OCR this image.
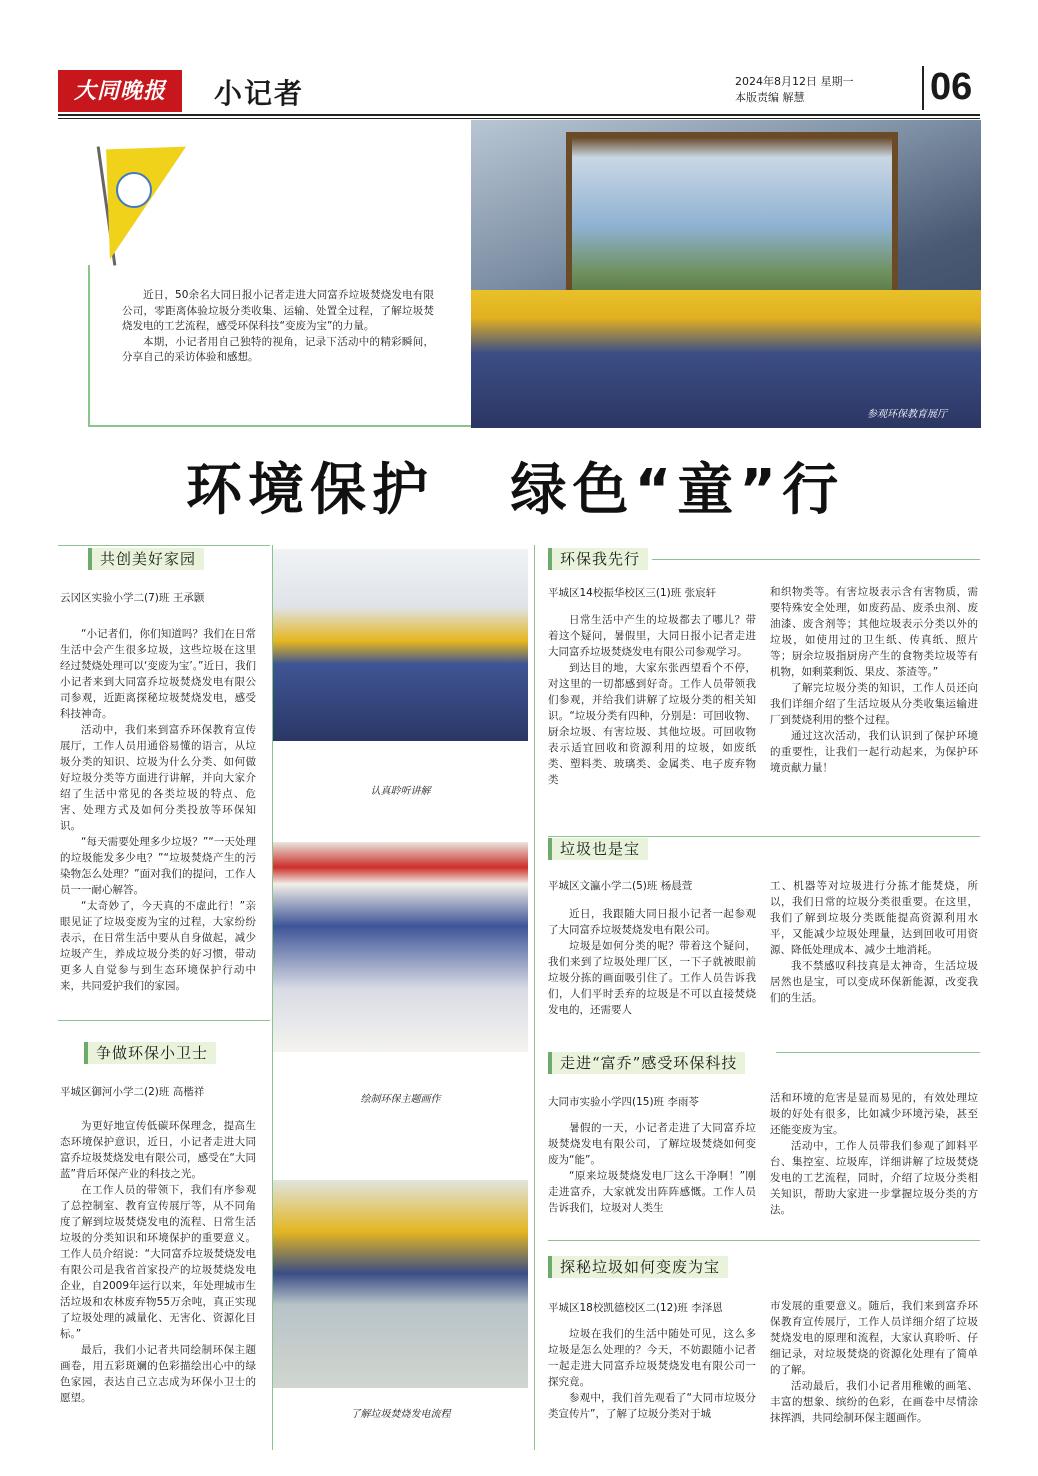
大同晚报	小记者	2024年8月12日 星期一
本版责编 解慧	06

近日，50余名大同日报小记者走进大同富乔垃圾焚烧发电有限公司，零距离体验垃圾分类收集、运输、处置全过程，了解垃圾焚烧发电的工艺流程，感受环保科技“变废为宝”的力量。

本期，小记者用自己独特的视角，记录下活动中的精彩瞬间，分享自己的采访体验和感想。

参观环保教育展厅
环境保护   绿色“童”行
共创美好家园
云冈区实验小学二(7)班 王承颢

“小记者们，你们知道吗？我们在日常生活中会产生很多垃圾，这些垃圾在这里经过焚烧处理可以‘变废为宝’。”近日，我们小记者来到大同富乔垃圾焚烧发电有限公司参观，近距离探秘垃圾焚烧发电，感受科技神奇。

活动中，我们来到富乔环保教育宣传展厅，工作人员用通俗易懂的语言，从垃圾分类的知识、垃圾为什么分类、如何做好垃圾分类等方面进行讲解，并向大家介绍了生活中常见的各类垃圾的特点、危害、处理方式及如何分类投放等环保知识。

“每天需要处理多少垃圾？”“一天处理的垃圾能发多少电？”“垃圾焚烧产生的污染物怎么处理？”面对我们的提问，工作人员一一耐心解答。

“太奇妙了，今天真的不虚此行！”亲眼见证了垃圾变废为宝的过程，大家纷纷表示，在日常生活中要从自身做起，减少垃圾产生，养成垃圾分类的好习惯，带动更多人自觉参与到生态环境保护行动中来，共同爱护我们的家园。

争做环保小卫士
平城区御河小学二(2)班 高楷祥

为更好地宣传低碳环保理念，提高生态环境保护意识，近日，小记者走进大同富乔垃圾焚烧发电有限公司，感受在“大同蓝”背后环保产业的科技之光。

在工作人员的带领下，我们有序参观了总控制室、教育宣传展厅等，从不同角度了解到垃圾焚烧发电的流程、日常生活垃圾的分类知识和环境保护的重要意义。工作人员介绍说：“大同富乔垃圾焚烧发电有限公司是我省首家投产的垃圾焚烧发电企业，自2009年运行以来，年处理城市生活垃圾和农林废弃物55万余吨，真正实现了垃圾处理的减量化、无害化、资源化目标。”

最后，我们小记者共同绘制环保主题画卷，用五彩斑斓的色彩描绘出心中的绿色家园，表达自己立志成为环保小卫士的愿望。

认真聆听讲解
绘制环保主题画作
了解垃圾焚烧发电流程
环保我先行
平城区14校振华校区三(1)班 张宸轩

日常生活中产生的垃圾都去了哪儿？带着这个疑问，暑假里，大同日报小记者走进大同富乔垃圾焚烧发电有限公司参观学习。

到达目的地，大家东张西望看个不停，对这里的一切都感到好奇。工作人员带领我们参观，并给我们讲解了垃圾分类的相关知识。“垃圾分类有四种，分别是：可回收物、厨余垃圾、有害垃圾、其他垃圾。可回收物表示适宜回收和资源利用的垃圾，如废纸类、塑料类、玻璃类、金属类、电子废弃物类

和织物类等。有害垃圾表示含有害物质，需要特殊安全处理，如废药品、废杀虫剂、废油漆、废含剂等；其他垃圾表示分类以外的垃圾，如使用过的卫生纸、传真纸、照片等；厨余垃圾指厨房产生的食物类垃圾等有机物，如剩菜剩饭、果皮、茶渣等。”

了解完垃圾分类的知识，工作人员还向我们详细介绍了生活垃圾从分类收集运输进厂到焚烧利用的整个过程。

通过这次活动，我们认识到了保护环境的重要性，让我们一起行动起来，为保护环境贡献力量！

垃圾也是宝
平城区文瀛小学二(5)班 杨晨萱

近日，我跟随大同日报小记者一起参观了大同富乔垃圾焚烧发电有限公司。

垃圾是如何分类的呢？带着这个疑问，我们来到了垃圾处理厂区，一下子就被眼前垃圾分拣的画面吸引住了。工作人员告诉我们，人们平时丢弃的垃圾是不可以直接焚烧发电的，还需要人

工、机器等对垃圾进行分拣才能焚烧，所以，我们日常的垃圾分类很重要。在这里，我们了解到垃圾分类既能提高资源利用水平，又能减少垃圾处理量，达到回收可用资源、降低处理成本、减少土地消耗。

我不禁感叹科技真是太神奇，生活垃圾居然也是宝，可以变成环保新能源，改变我们的生活。

走进“富乔”感受环保科技
大同市实验小学四(15)班 李雨苓

暑假的一天，小记者走进了大同富乔垃圾焚烧发电有限公司，了解垃圾焚烧如何变废为“能”。

“原来垃圾焚烧发电厂这么干净啊！”刚走进富乔，大家就发出阵阵感慨。工作人员告诉我们，垃圾对人类生

活和环境的危害是显而易见的，有效处理垃圾的好处有很多，比如减少环境污染，甚至还能变废为宝。

活动中，工作人员带我们参观了卸料平台、集控室、垃圾库，详细讲解了垃圾焚烧发电的工艺流程，同时，介绍了垃圾分类相关知识，帮助大家进一步掌握垃圾分类的方法。

探秘垃圾如何变废为宝
平城区18校凯德校区二(12)班 李泽恩

垃圾在我们的生活中随处可见，这么多垃圾是怎么处理的？今天，不妨跟随小记者一起走进大同富乔垃圾焚烧发电有限公司一探究竟。

参观中，我们首先观看了“大同市垃圾分类宣传片”，了解了垃圾分类对于城

市发展的重要意义。随后，我们来到富乔环保教育宣传展厅，工作人员详细介绍了垃圾焚烧发电的原理和流程，大家认真聆听、仔细记录，对垃圾焚烧的资源化处理有了简单的了解。

活动最后，我们小记者用稚嫩的画笔、丰富的想象、缤纷的色彩，在画卷中尽情涂抹挥洒，共同绘制环保主题画作。
